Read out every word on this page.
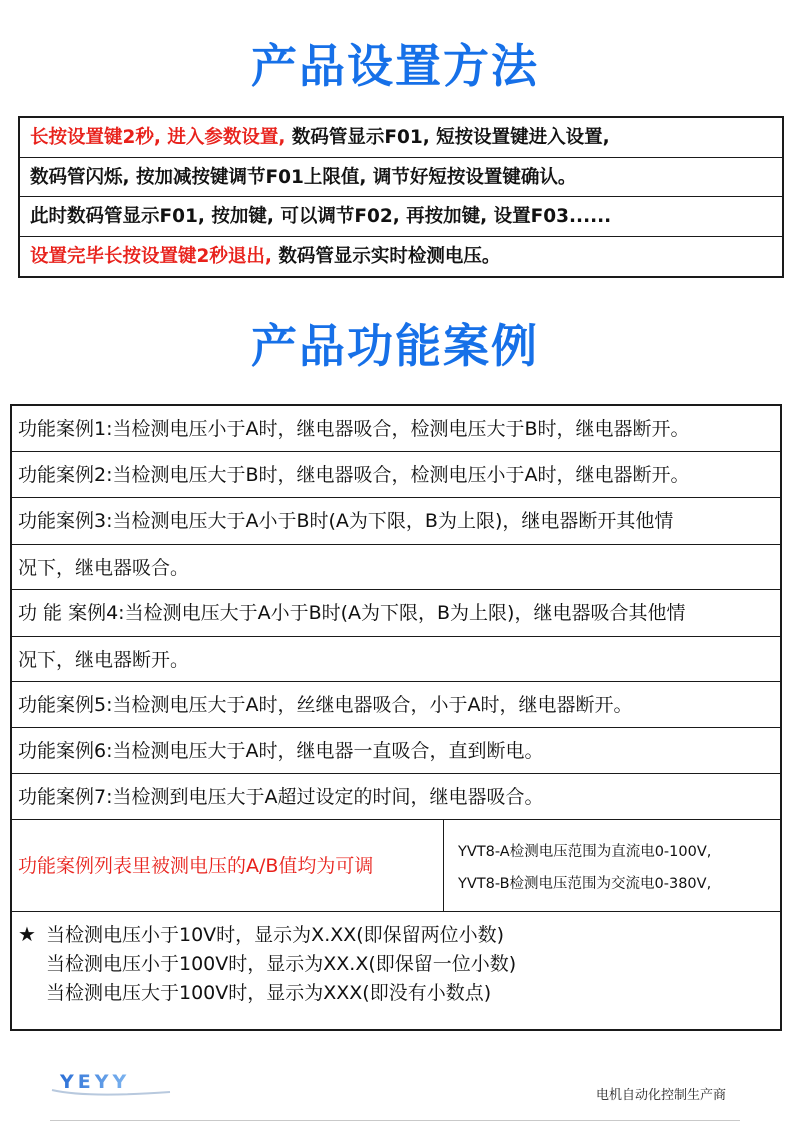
产品设置方法
长按设置键2秒, 进入参数设置, 数码管显示F01, 短按设置键进入设置,
数码管闪烁, 按加减按键调节F01上限值, 调节好短按设置键确认。
此时数码管显示F01, 按加键, 可以调节F02, 再按加键, 设置F03......
设置完毕长按设置键2秒退出, 数码管显示实时检测电压。
产品功能案例
功能案例1:当检测电压小于A时，继电器吸合，检测电压大于B时，继电器断开。
功能案例2:当检测电压大于B时，继电器吸合，检测电压小于A时，继电器断开。
功能案例3:当检测电压大于A小于B时(A为下限，B为上限)，继电器断开其他情
况下，继电器吸合。
功 能 案例4:当检测电压大于A小于B时(A为下限，B为上限)，继电器吸合其他情
况下，继电器断开。
功能案例5:当检测电压大于A时，丝继电器吸合，小于A时，继电器断开。
功能案例6:当检测电压大于A时，继电器一直吸合，直到断电。
功能案例7:当检测到电压大于A超过设定的时间，继电器吸合。
功能案例列表里被测电压的A/B值均为可调
YVT8-A检测电压范围为直流电0-100V,
YVT8-B检测电压范围为交流电0-380V,
★ 当检测电压小于10V时，显示为X.XX(即保留两位小数)
当检测电压小于100V时，显示为XX.X(即保留一位小数)
当检测电压大于100V时，显示为XXX(即没有小数点)
YEYY
电机自动化控制生产商
